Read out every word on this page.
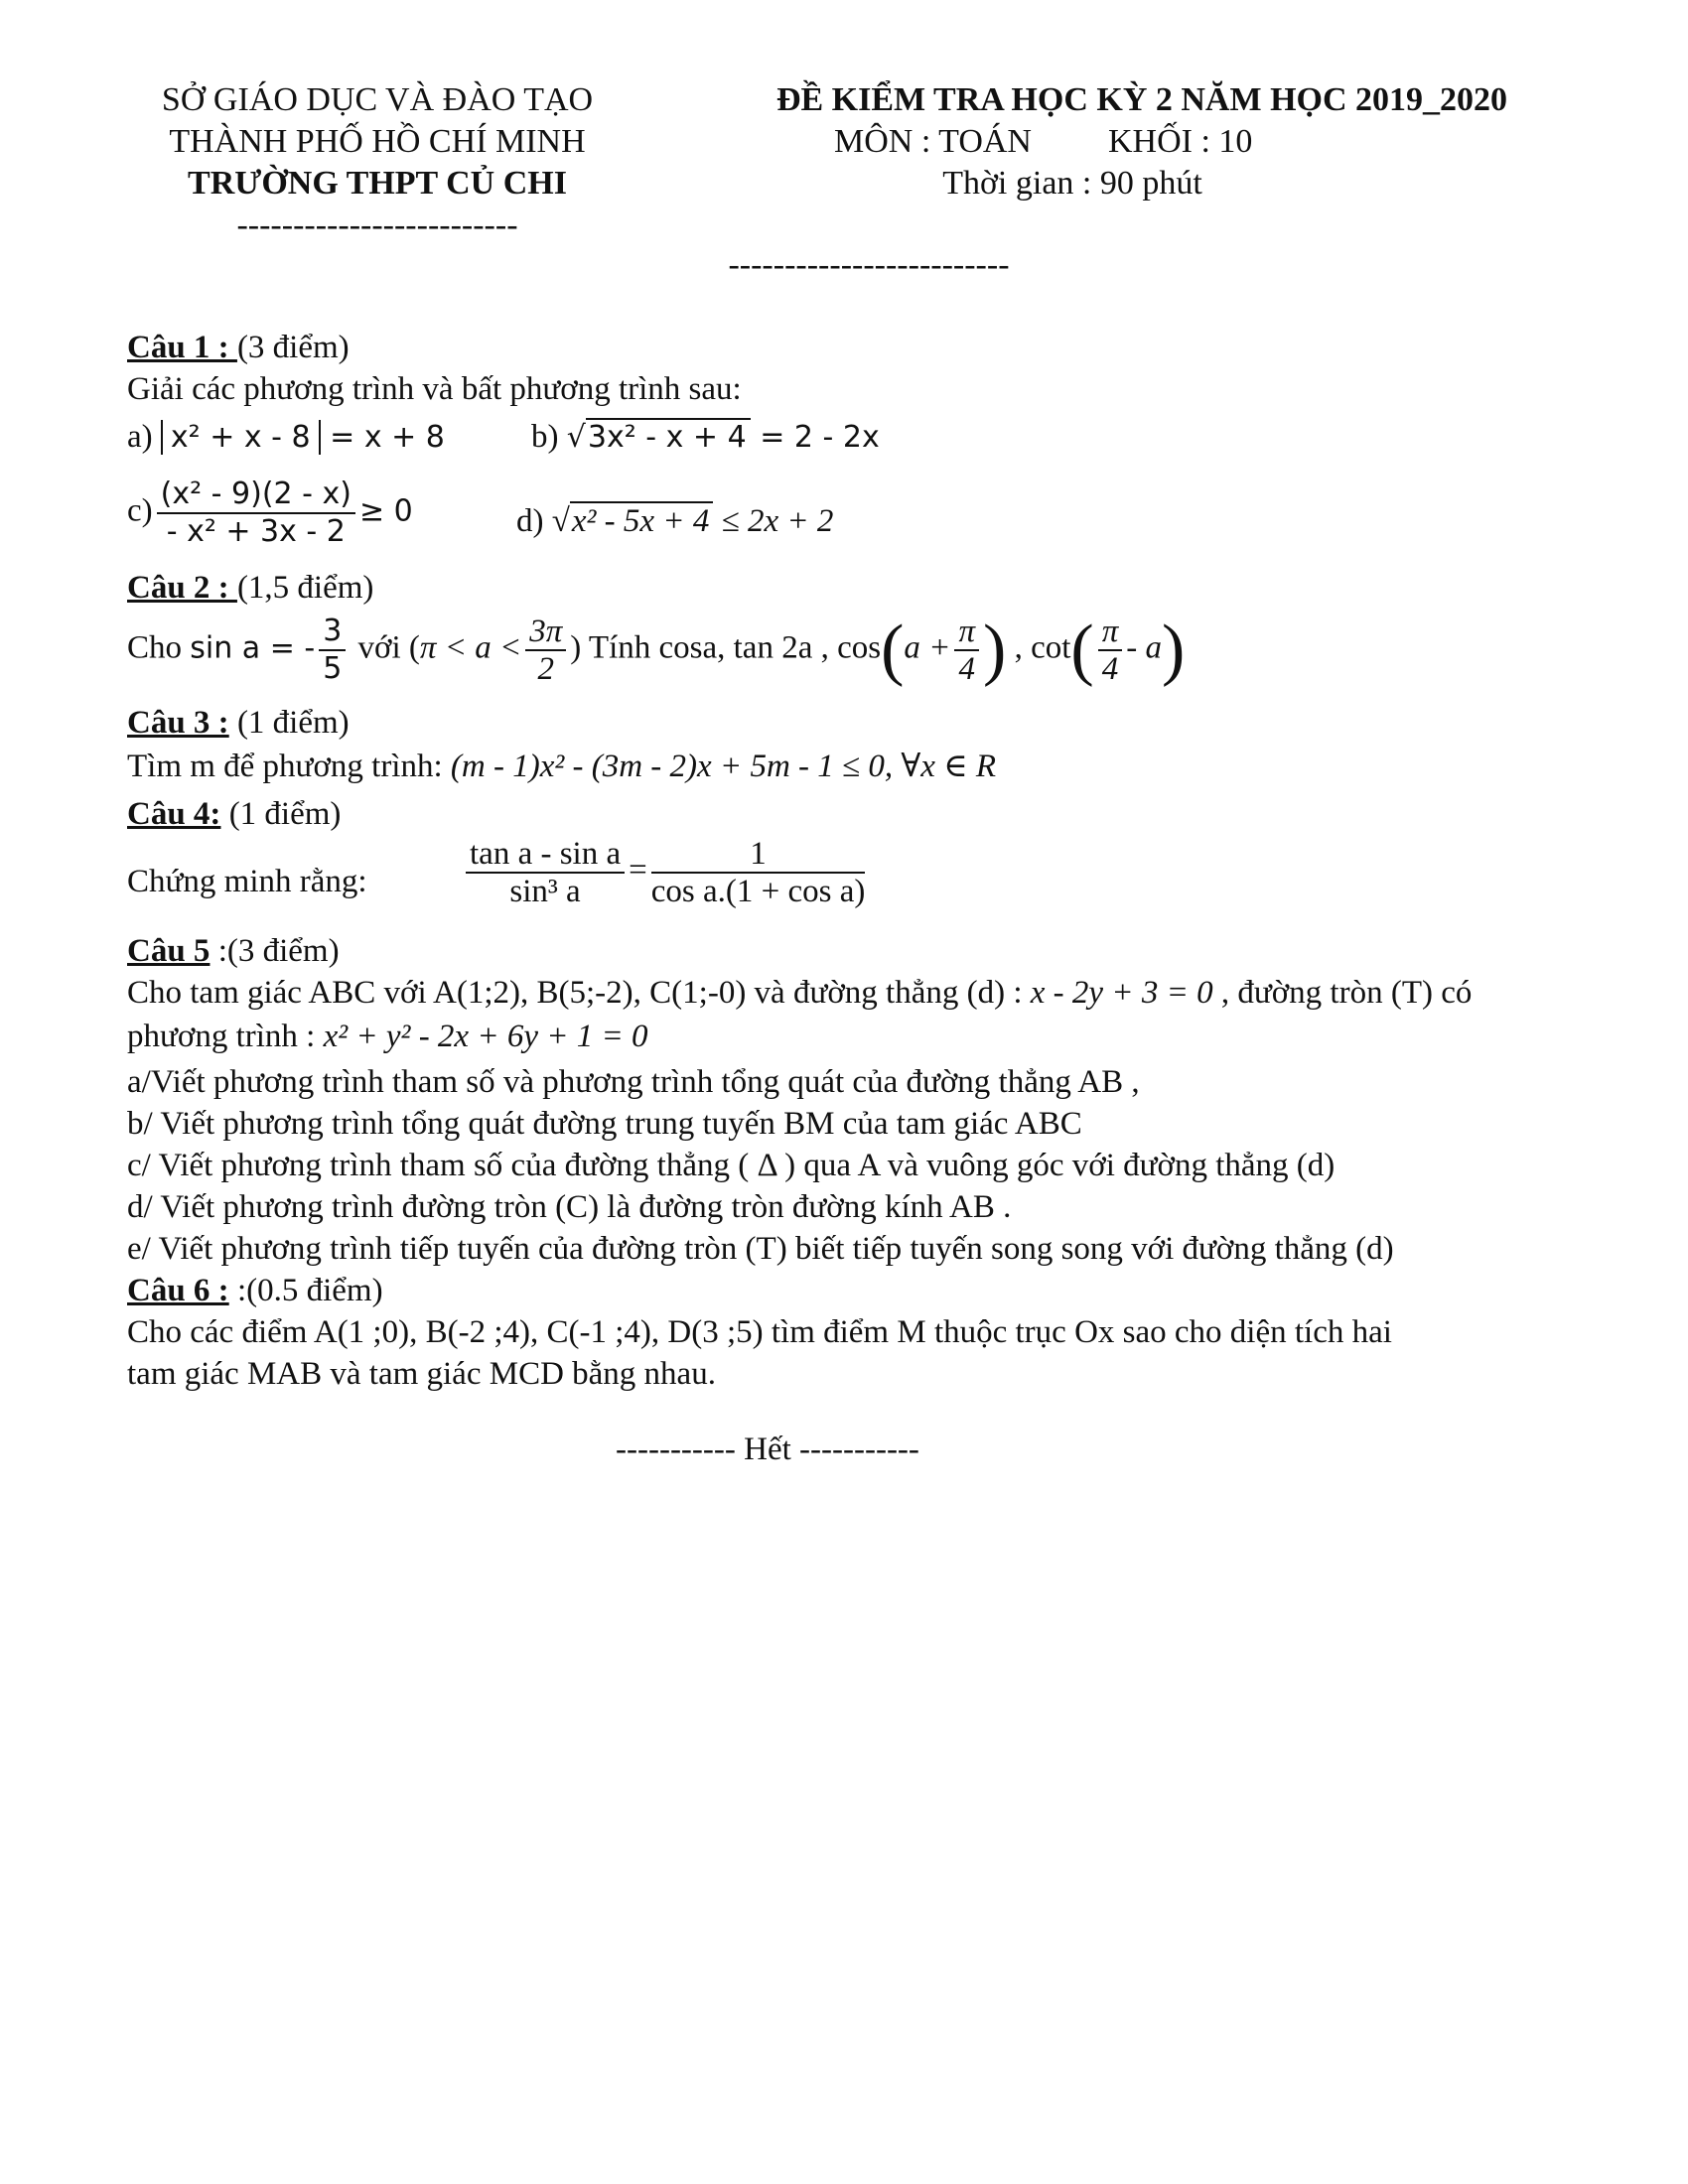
SỞ GIÁO DỤC VÀ ĐÀO TẠO
THÀNH PHỐ HỒ CHÍ MINH
TRƯỜNG THPT CỦ CHI
-------------------------
ĐỀ KIỂM TRA HỌC KỲ 2 NĂM HỌC 2019_2020
MÔN : TOÁN KHỐI : 10
Thời gian : 90 phút
-------------------------
Câu 1 : (3 điểm)
Giải các phương trình và bất phương trình sau:
a) x² + x - 8 = x + 8	b) √3x² - x + 4 = 2 - 2x
$c) \frac{\text{(x² - 9)(2 - x)}}{\text{- x² + 3x - 2}} \ge 0$	d) √x² - 5x + 4 ≤ 2x + 2
Câu 2 : (1,5 điểm)
Cho sin a = - $\frac{3}{5}$ với ($\pi < a < \frac{3\pi}{2}$ ) Tính cosa, tan 2a , $\cos(a + \frac{\pi}{4}$ ) , $\cot( \frac{\pi}{4} - a)$
Câu 3 : (1 điểm)
Tìm m để phương trình: (m - 1)x² - (3m - 2)x + 5m - 1 ≤ 0, ∀x ∈ R
Câu 4: (1 điểm)
Chứng minh rằng:	$\frac{\text{tan a - sin a}}{\text{sin³ a}} = \frac{1}{\text{cos a.(1 + cos a)}}$
Câu 5 :(3 điểm)
Cho tam giác ABC với A(1;2), B(5;-2), C(1;-0) và đường thẳng (d) : x - 2y + 3 = 0 , đường tròn (T) có
phương trình : x² + y² - 2x + 6y + 1 = 0
a/Viết phương trình tham số và phương trình tổng quát của đường thẳng AB ,
b/ Viết phương trình tổng quát đường trung tuyến BM của tam giác ABC
c/ Viết phương trình tham số của đường thẳng ( Δ ) qua A và vuông góc với đường thẳng (d)
d/ Viết phương trình đường tròn (C) là đường tròn đường kính AB .
e/ Viết phương trình tiếp tuyến của đường tròn (T) biết tiếp tuyến song song với đường thẳng (d)
Câu 6 : :(0.5 điểm)
Cho các điểm A(1 ;0), B(-2 ;4), C(-1 ;4), D(3 ;5) tìm điểm M thuộc trục Ox sao cho diện tích hai
tam giác MAB và tam giác MCD bằng nhau.
----------- Hết -----------
